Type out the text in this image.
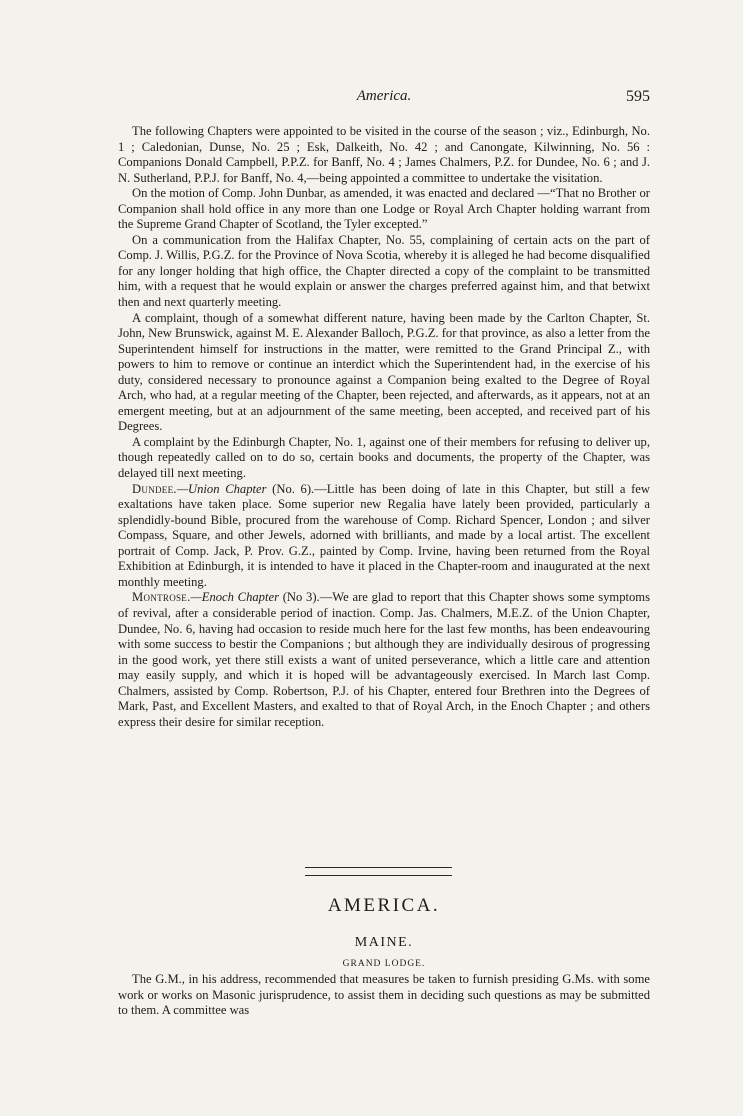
America.	595

The following Chapters were appointed to be visited in the course of the season ; viz., Edinburgh, No. 1 ; Caledonian, Dunse, No. 25 ; Esk, Dalkeith, No. 42 ; and Canongate, Kilwinning, No. 56 : Companions Donald Campbell, P.P.Z. for Banff, No. 4 ; James Chalmers, P.Z. for Dundee, No. 6 ; and J. N. Sutherland, P.P.J. for Banff, No. 4,—being appointed a committee to undertake the visitation.

On the motion of Comp. John Dunbar, as amended, it was enacted and declared —“That no Brother or Companion shall hold office in any more than one Lodge or Royal Arch Chapter holding warrant from the Supreme Grand Chapter of Scotland, the Tyler excepted.”

On a communication from the Halifax Chapter, No. 55, complaining of certain acts on the part of Comp. J. Willis, P.G.Z. for the Province of Nova Scotia, whereby it is alleged he had become disqualified for any longer holding that high office, the Chapter directed a copy of the complaint to be transmitted him, with a request that he would explain or answer the charges preferred against him, and that betwixt then and next quarterly meeting.

A complaint, though of a somewhat different nature, having been made by the Carlton Chapter, St. John, New Brunswick, against M. E. Alexander Balloch, P.G.Z. for that province, as also a letter from the Superintendent himself for instructions in the matter, were remitted to the Grand Principal Z., with powers to him to remove or continue an interdict which the Superintendent had, in the exercise of his duty, considered necessary to pronounce against a Companion being exalted to the Degree of Royal Arch, who had, at a regular meeting of the Chapter, been rejected, and afterwards, as it appears, not at an emergent meeting, but at an adjournment of the same meeting, been accepted, and received part of his Degrees.

A complaint by the Edinburgh Chapter, No. 1, against one of their members for refusing to deliver up, though repeatedly called on to do so, certain books and documents, the property of the Chapter, was delayed till next meeting.

Dundee.—Union Chapter (No. 6).—Little has been doing of late in this Chapter, but still a few exaltations have taken place. Some superior new Regalia have lately been provided, particularly a splendidly-bound Bible, procured from the warehouse of Comp. Richard Spencer, London ; and silver Compass, Square, and other Jewels, adorned with brilliants, and made by a local artist. The excellent portrait of Comp. Jack, P. Prov. G.Z., painted by Comp. Irvine, having been returned from the Royal Exhibition at Edinburgh, it is intended to have it placed in the Chapter-room and inaugurated at the next monthly meeting.

Montrose.—Enoch Chapter (No 3).—We are glad to report that this Chapter shows some symptoms of revival, after a considerable period of inaction. Comp. Jas. Chalmers, M.E.Z. of the Union Chapter, Dundee, No. 6, having had occasion to reside much here for the last few months, has been endeavouring with some success to bestir the Companions ; but although they are individually desirous of progressing in the good work, yet there still exists a want of united perseverance, which a little care and attention may easily supply, and which it is hoped will be advantageously exercised. In March last Comp. Chalmers, assisted by Comp. Robertson, P.J. of his Chapter, entered four Brethren into the Degrees of Mark, Past, and Excellent Masters, and exalted to that of Royal Arch, in the Enoch Chapter ; and others express their desire for similar reception.

AMERICA.
MAINE.
GRAND LODGE.

The G.M., in his address, recommended that measures be taken to furnish presiding G.Ms. with some work or works on Masonic jurisprudence, to assist them in deciding such questions as may be submitted to them. A committee was
